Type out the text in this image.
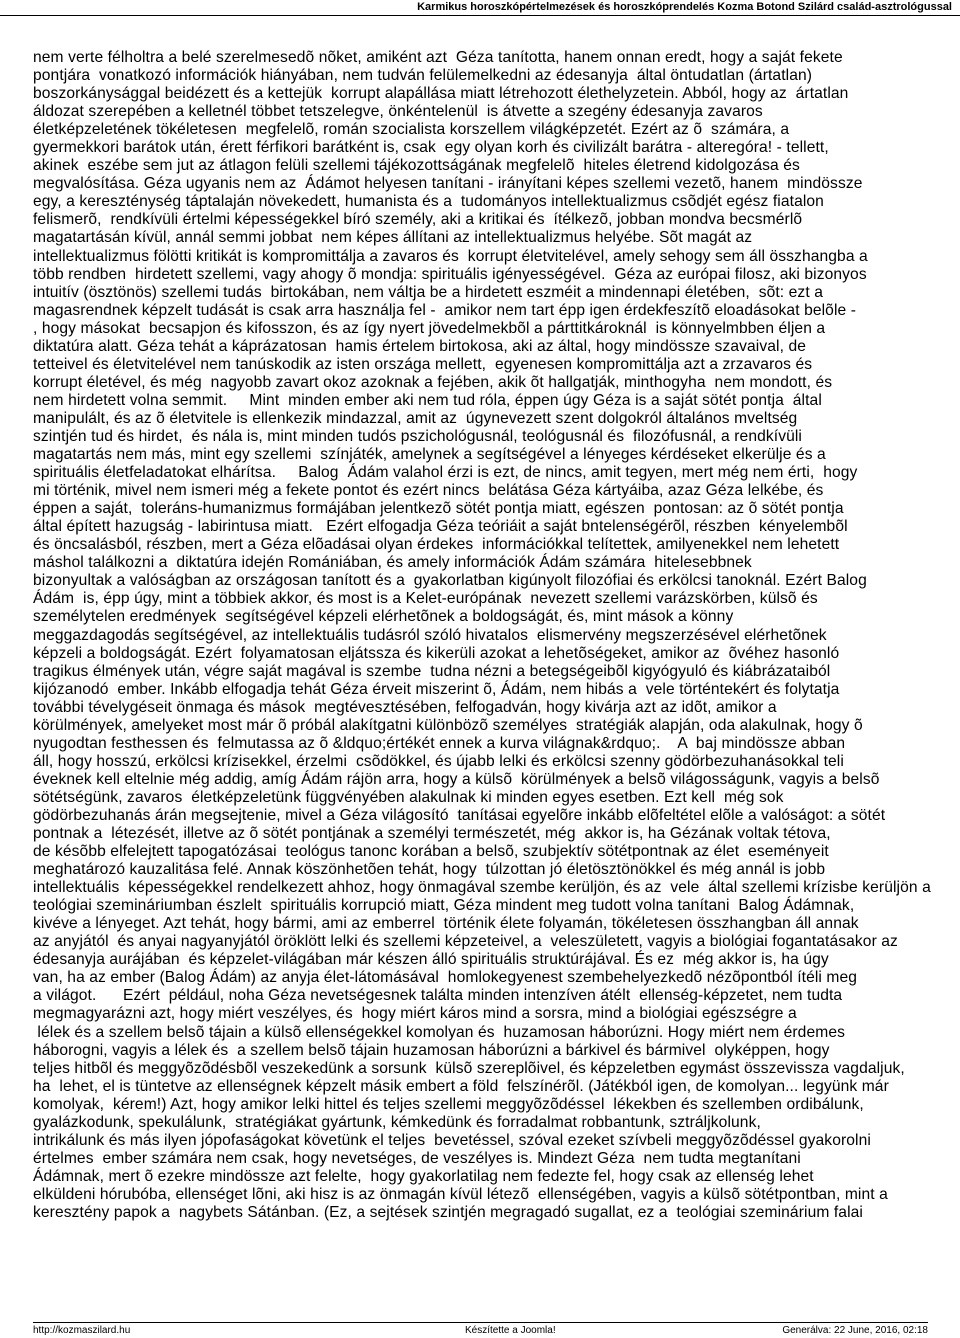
Karmikus horoszkópértelmezések és horoszkóprendelés Kozma Botond Szilárd család-asztrológussal
nem verte félholtra a belé szerelmesedõ nõket, amiként azt  Géza tanította, hanem onnan eredt, hogy a saját fekete
pontjára  vonatkozó információk hiányában, nem tudván felülemelkedni az édesanyja  által öntudatlan (ártatlan)
boszorkánysággal beidézett és a kettejük  korrupt alapállása miatt létrehozott élethelyzetein. Abból, hogy az  ártatlan
áldozat szerepében a kelletnél többet tetszelegve, önkéntelenül  is átvette a szegény édesanyja zavaros
életképzeletének tökéletesen  megfelelõ, román szocialista korszellem világképzetét. Ezért az õ  számára, a
gyermekkori barátok után, érett férfikori barátként is, csak  egy olyan korh és civilizált barátra - alteregóra! - tellett,
akinek  eszébe sem jut az átlagon felüli szellemi tájékozottságának megfelelõ  hiteles életrend kidolgozása és
megvalósítása. Géza ugyanis nem az  Ádámot helyesen tanítani - irányítani képes szellemi vezetõ, hanem  mindössze
egy, a kereszténység táptalaján növekedett, humanista és a  tudományos intellektualizmus csõdjét egész fiatalon
felismerõ,  rendkívüli értelmi képességekkel bíró személy, aki a kritikai és  ítélkezõ, jobban mondva becsmérlõ
magatartásán kívül, annál semmi jobbat  nem képes állítani az intellektualizmus helyébe. Sõt magát az
intellektualizmus fölötti kritikát is kompromittálja a zavaros és  korrupt életvitelével, amely sehogy sem áll összhangba a
több rendben  hirdetett szellemi, vagy ahogy õ mondja: spirituális igényességével.  Géza az európai filosz, aki bizonyos
intuitív (ösztönös) szellemi tudás  birtokában, nem váltja be a hirdetett eszméit a mindennapi életében,  sõt: ezt a
magasrendnek képzelt tudását is csak arra használja fel -  amikor nem tart épp igen érdekfeszítõ eloadásokat belõle -
, hogy másokat  becsapjon és kifosszon, és az így nyert jövedelmekbõl a párttitkároknál  is könnyelmbben éljen a
diktatúra alatt. Géza tehát a káprázatosan  hamis értelem birtokosa, aki az által, hogy mindössze szavaival, de
tetteivel és életvitelével nem tanúskodik az isten országa mellett,  egyenesen kompromittálja azt a zrzavaros és
korrupt életével, és még  nagyobb zavart okoz azoknak a fejében, akik õt hallgatják, minthogyha  nem mondott, és
nem hirdetett volna semmit.     Mint  minden ember aki nem tud róla, éppen úgy Géza is a saját sötét pontja  által
manipulált, és az õ életvitele is ellenkezik mindazzal, amit az  úgynevezett szent dolgokról általános mveltség
szintjén tud és hirdet,  és nála is, mint minden tudós pszichológusnál, teológusnál és  filozófusnál, a rendkívüli
magatartás nem más, mint egy szellemi  színjáték, amelynek a segítségével a lényeges kérdéseket elkerülje és a
spirituális életfeladatokat elhárítsa.     Balog  Ádám valahol érzi is ezt, de nincs, amit tegyen, mert még nem érti,  hogy
mi történik, mivel nem ismeri még a fekete pontot és ezért nincs  belátása Géza kártyáiba, azaz Géza lelkébe, és
éppen a saját,  toleráns-humanizmus formájában jelentkezõ sötét pontja miatt, egészen  pontosan: az õ sötét pontja
által épített hazugság - labirintusa miatt.   Ezért elfogadja Géza teóriáit a saját bntelenségérõl, részben  kényelembõl
és öncsalásból, részben, mert a Géza elõadásai olyan érdekes  információkkal telítettek, amilyenekkel nem lehetett
máshol találkozni a  diktatúra idején Romániában, és amely információk Ádám számára  hitelesebbnek
bizonyultak a valóságban az országosan tanított és a  gyakorlatban kigúnyolt filozófiai és erkölcsi tanoknál. Ezért Balog
Ádám  is, épp úgy, mint a többiek akkor, és most is a Kelet-európának  nevezett szellemi varázskörben, külsõ és
személytelen eredmények  segítségével képzeli elérhetõnek a boldogságát, és, mint mások a könny
meggazdagodás segítségével, az intellektuális tudásról szóló hivatalos  elismervény megszerzésével elérhetõnek
képzeli a boldogságát. Ezért  folyamatosan eljátssza és kikerüli azokat a lehetõségeket, amikor az  õvéhez hasonló
tragikus élmények után, végre saját magával is szembe  tudna nézni a betegségeibõl kigyógyuló és kiábrázataiból
kijózanodó  ember. Inkább elfogadja tehát Géza érveit miszerint õ, Ádám, nem hibás a  vele történtekért és folytatja
további tévelygéseit önmaga és mások  megtévesztésében, felfogadván, hogy kivárja azt az idõt, amikor a
körülmények, amelyeket most már õ próbál alakítgatni különbözõ személyes  stratégiák alapján, oda alakulnak, hogy õ
nyugodtan festhessen és  felmutassa az õ &ldquo;értékét ennek a kurva világnak&rdquo;.    A  baj mindössze abban
áll, hogy hosszú, erkölcsi krízisekkel, érzelmi  csõdökkel, és újabb lelki és erkölcsi szenny gödörbezuhanásokkal teli
éveknek kell eltelnie még addig, amíg Ádám rájön arra, hogy a külsõ  körülmények a belsõ világosságunk, vagyis a belsõ
sötétségünk, zavaros  életképzeletünk függvényében alakulnak ki minden egyes esetben. Ezt kell  még sok
gödörbezuhanás árán megsejtenie, mivel a Géza világosító  tanításai egyelõre inkább elõfeltétel elõle a valóságot: a sötét
pontnak a  létezését, illetve az õ sötét pontjának a személyi természetét, még  akkor is, ha Gézának voltak tétova,
de késõbb elfelejtett tapogatózásai  teológus tanonc korában a belsõ, szubjektív sötétpontnak az élet  eseményeit
meghatározó kauzalitása felé. Annak köszönhetõen tehát, hogy  túlzottan jó életösztönökkel és még annál is jobb
intellektuális  képességekkel rendelkezett ahhoz, hogy önmagával szembe kerüljön, és az  vele  által szellemi krízisbe kerüljön a
teológiai szemináriumban észlelt  spirituális korrupció miatt, Géza mindent meg tudott volna tanítani  Balog Ádámnak,
kivéve a lényeget. Azt tehát, hogy bármi, ami az emberrel  történik élete folyamán, tökéletesen összhangban áll annak
az anyjától  és anyai nagyanyjától öröklött lelki és szellemi képzeteivel, a  veleszületett, vagyis a biológiai fogantatásakor az
édesanyja aurájában  és képzelet-világában már készen álló spirituális struktúrájával. És ez  még akkor is, ha úgy
van, ha az ember (Balog Ádám) az anyja élet-látomásával  homlokegyenest szembehelyezkedõ nézõpontból ítéli meg
a világot.      Ezért  például, noha Géza nevetségesnek találta minden intenzíven átélt  ellenség-képzetet, nem tudta
megmagyarázni azt, hogy miért veszélyes, és  hogy miért káros mind a sorsra, mind a biológiai egészségre a
lélek és a szellem belsõ tájain a külsõ ellenségekkel komolyan és  huzamosan háborúzni. Hogy miért nem érdemes
háborogni, vagyis a lélek és  a szellem belsõ tájain huzamosan háborúzni a bárkivel és bármivel  olyképpen, hogy
teljes hitbõl és meggyõzõdésbõl veszekedünk a sorsunk  külsõ szereplõivel, és képzeletben egymást összevissza vagdaljuk,
ha  lehet, el is tüntetve az ellenségnek képzelt másik embert a föld  felszínérõl. (Játékból igen, de komolyan... legyünk már
komolyak,  kérem!) Azt, hogy amikor lelki hittel és teljes szellemi meggyõzõdéssel  lékekben és szellemben ordibálunk,
gyalázkodunk, spekulálunk,  stratégiákat gyártunk, kémkedünk és forradalmat robbantunk, sztráljkolunk,
intrikálunk és más ilyen jópofaságokat követünk el teljes  bevetéssel, szóval ezeket szívbeli meggyõzõdéssel gyakorolni
értelmes  ember számára nem csak, hogy nevetséges, de veszélyes is. Mindezt Géza  nem tudta megtanítani
Ádámnak, mert õ ezekre mindössze azt felelte,  hogy gyakorlatilag nem fedezte fel, hogy csak az ellenség lehet
elküldeni hórubóba, ellenséget lõni, aki hisz is az önmagán kívül létezõ  ellenségében, vagyis a külsõ sötétpontban, mint a
keresztény papok a  nagybets Sátánban. (Ez, a sejtések szintjén megragadó sugallat, ez a  teológiai szeminárium falai
http://kozmaszilard.hu	Készítette a Joomla!	Generálva: 22 June, 2016, 02:18
